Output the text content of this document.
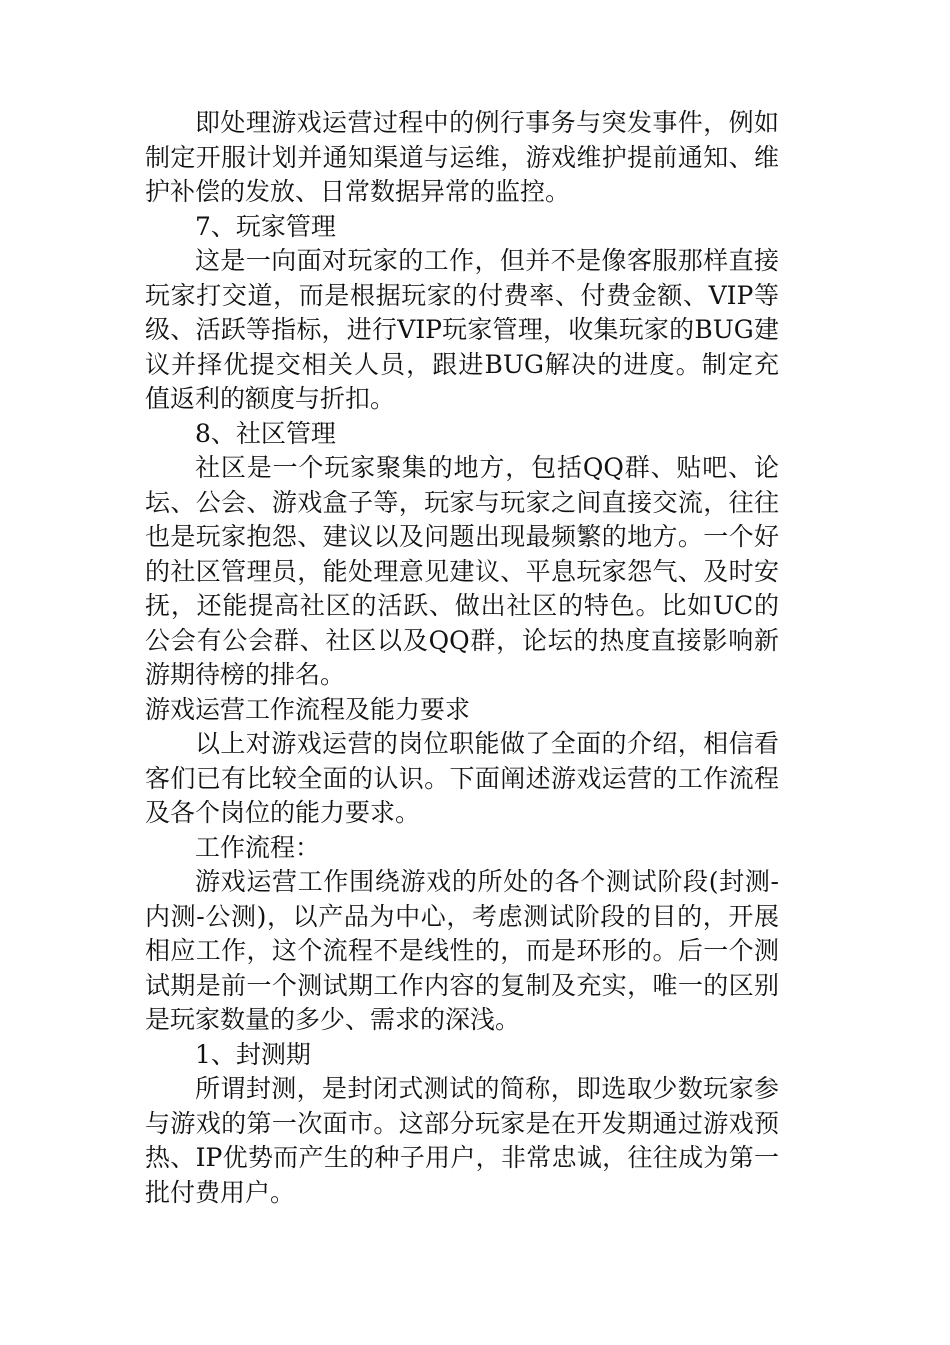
即处理游戏运营过程中的例行事务与突发事件，例如制定开服计划并通知渠道与运维，游戏维护提前通知、维护补偿的发放、日常数据异常的监控。

7、玩家管理

这是一向面对玩家的工作，但并不是像客服那样直接玩家打交道，而是根据玩家的付费率、付费金额、VIP等级、活跃等指标，进行VIP玩家管理，收集玩家的BUG建议并择优提交相关人员，跟进BUG解决的进度。制定充值返利的额度与折扣。

8、社区管理

社区是一个玩家聚集的地方，包括QQ群、贴吧、论坛、公会、游戏盒子等，玩家与玩家之间直接交流，往往也是玩家抱怨、建议以及问题出现最频繁的地方。一个好的社区管理员，能处理意见建议、平息玩家怨气、及时安抚，还能提高社区的活跃、做出社区的特色。比如UC的公会有公会群、社区以及QQ群，论坛的热度直接影响新游期待榜的排名。

游戏运营工作流程及能力要求

以上对游戏运营的岗位职能做了全面的介绍，相信看客们已有比较全面的认识。下面阐述游戏运营的工作流程及各个岗位的能力要求。

工作流程：

游戏运营工作围绕游戏的所处的各个测试阶段(封测-内测-公测)，以产品为中心，考虑测试阶段的目的，开展相应工作，这个流程不是线性的，而是环形的。后一个测试期是前一个测试期工作内容的复制及充实，唯一的区别是玩家数量的多少、需求的深浅。

1、封测期

所谓封测，是封闭式测试的简称，即选取少数玩家参与游戏的第一次面市。这部分玩家是在开发期通过游戏预热、IP优势而产生的种子用户，非常忠诚，往往成为第一批付费用户。
